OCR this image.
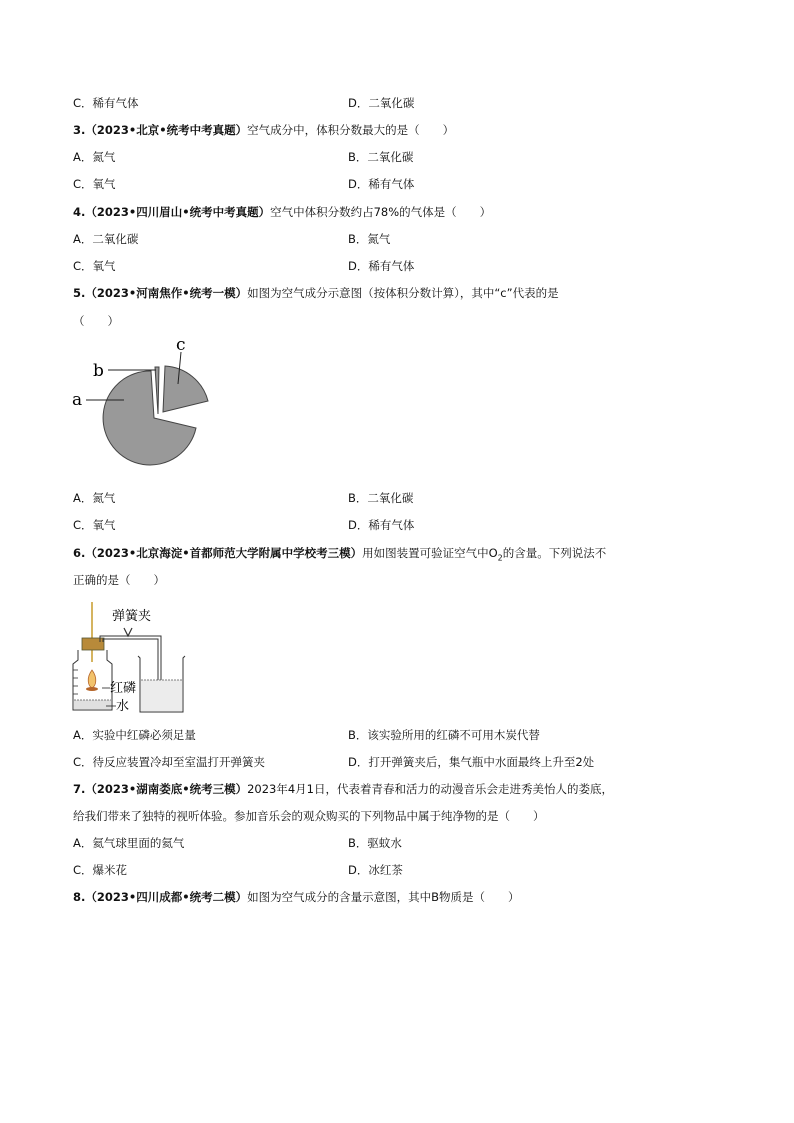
C．稀有气体	D．二氧化碳
3.（2023•北京•统考中考真题）空气成分中，体积分数最大的是（　　）
A．氮气	B．二氧化碳
C．氧气	D．稀有气体
4.（2023•四川眉山•统考中考真题）空气中体积分数约占78%的气体是（　　）
A．二氧化碳	B．氮气
C．氧气	D．稀有气体
5.（2023•河南焦作•统考一模）如图为空气成分示意图（按体积分数计算），其中“c”代表的是
（　　）
a
b
c
A．氮气	B．二氧化碳
C．氧气	D．稀有气体
6.（2023•北京海淀•首都师范大学附属中学校考三模）用如图装置可验证空气中$O_2$的含量。下列说法不
正确的是（　　）
弹簧夹
红磷
水
A．实验中红磷必须足量	B．该实验所用的红磷不可用木炭代替
C．待反应装置冷却至室温打开弹簧夹	D．打开弹簧夹后，集气瓶中水面最终上升至2处
7.（2023•湖南娄底•统考三模）2023年4月1日，代表着青春和活力的动漫音乐会走进秀美怡人的娄底，
给我们带来了独特的视听体验。参加音乐会的观众购买的下列物品中属于纯净物的是（　　）
A．氦气球里面的氦气	B．驱蚊水
C．爆米花	D．冰红茶
8.（2023•四川成都•统考二模）如图为空气成分的含量示意图，其中B物质是（　　）
